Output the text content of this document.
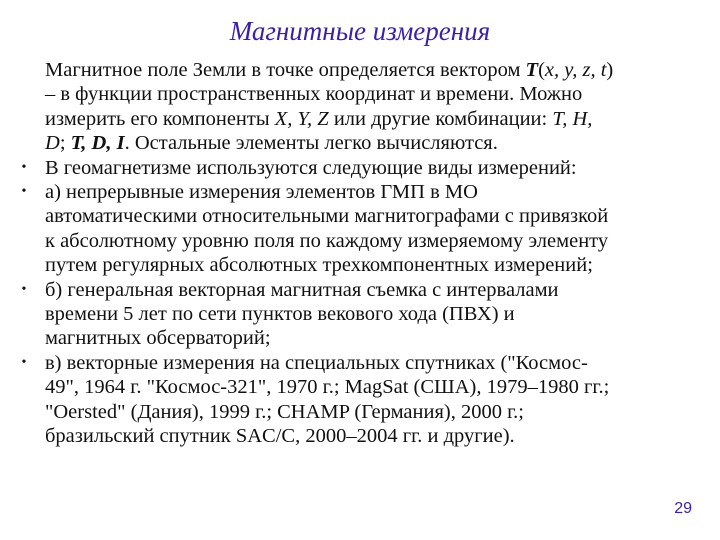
Магнитные измерения
Магнитное поле Земли в точке определяется вектором T(x, y, z, t)
– в функции пространственных координат и времени. Можно
измерить его компоненты X, Y, Z или другие комбинации: T, H,
D; T, D, I. Остальные элементы легко вычисляются.
• В геомагнетизме используются следующие виды измерений:
• а) непрерывные измерения элементов ГМП в МО
автоматическими относительными магнитографами с привязкой
к абсолютному уровню поля по каждому измеряемому элементу
путем регулярных абсолютных трехкомпонентных измерений;
• б) генеральная векторная магнитная съемка с интервалами
времени 5 лет по сети пунктов векового хода (ПВХ) и
магнитных обсерваторий;
• в) векторные измерения на специальных спутниках ("Космос-
49", 1964 г. "Космос-321", 1970 г.; MagSat (США), 1979–1980 гг.;
"Oersted" (Дания), 1999 г.; CHAMP (Германия), 2000 г.;
бразильский спутник SAC/C, 2000–2004 гг. и другие).
29
